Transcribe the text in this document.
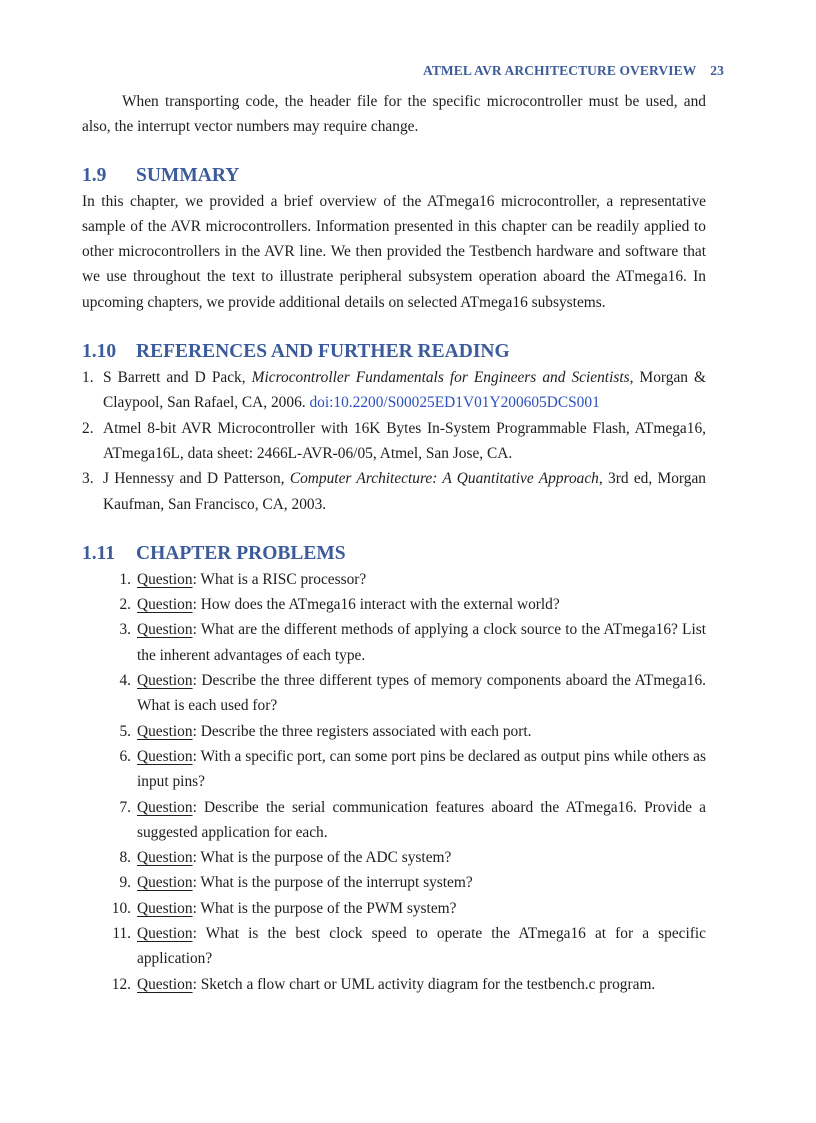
ATMEL AVR ARCHITECTURE OVERVIEW 23

When transporting code, the header file for the specific microcontroller must be used, and also, the interrupt vector numbers may require change.

1.9 SUMMARY

In this chapter, we provided a brief overview of the ATmega16 microcontroller, a representative sample of the AVR microcontrollers. Information presented in this chapter can be readily applied to other microcontrollers in the AVR line. We then provided the Testbench hardware and software that we use throughout the text to illustrate peripheral subsystem operation aboard the ATmega16. In upcoming chapters, we provide additional details on selected ATmega16 subsystems.

1.10 REFERENCES AND FURTHER READING
1. S Barrett and D Pack, Microcontroller Fundamentals for Engineers and Scientists, Morgan & Claypool, San Rafael, CA, 2006. doi:10.2200/S00025ED1V01Y200605DCS001
2. Atmel 8-bit AVR Microcontroller with 16K Bytes In-System Programmable Flash, ATmega16, ATmega16L, data sheet: 2466L-AVR-06/05, Atmel, San Jose, CA.
3. J Hennessy and D Patterson, Computer Architecture: A Quantitative Approach, 3rd ed, Morgan Kaufman, San Francisco, CA, 2003.
1.11 CHAPTER PROBLEMS
1. Question: What is a RISC processor?
2. Question: How does the ATmega16 interact with the external world?
3. Question: What are the different methods of applying a clock source to the ATmega16? List the inherent advantages of each type.
4. Question: Describe the three different types of memory components aboard the ATmega16. What is each used for?
5. Question: Describe the three registers associated with each port.
6. Question: With a specific port, can some port pins be declared as output pins while others as input pins?
7. Question: Describe the serial communication features aboard the ATmega16. Provide a suggested application for each.
8. Question: What is the purpose of the ADC system?
9. Question: What is the purpose of the interrupt system?
10. Question: What is the purpose of the PWM system?
11. Question: What is the best clock speed to operate the ATmega16 at for a specific application?
12. Question: Sketch a flow chart or UML activity diagram for the testbench.c program.
